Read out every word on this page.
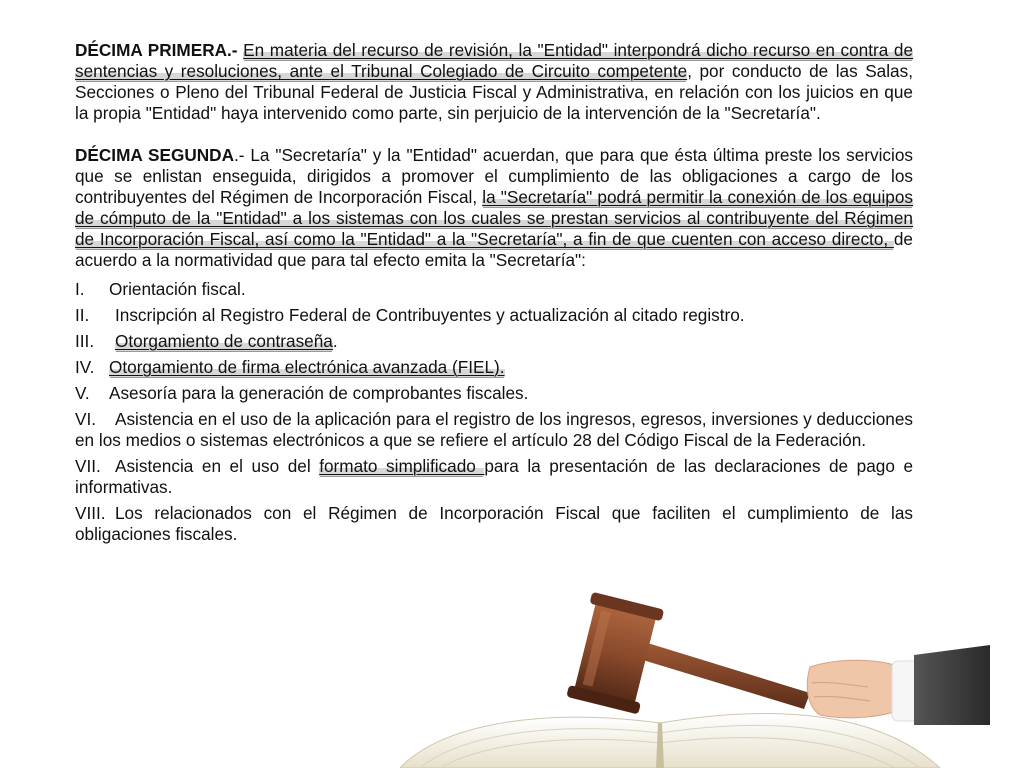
DÉCIMA PRIMERA.- En materia del recurso de revisión, la "Entidad" interpondrá dicho recurso en contra de sentencias y resoluciones, ante el Tribunal Colegiado de Circuito competente, por conducto de las Salas, Secciones o Pleno del Tribunal Federal de Justicia Fiscal y Administrativa, en relación con los juicios en que la propia "Entidad" haya intervenido como parte, sin perjuicio de la intervención de la "Secretaría".

DÉCIMA SEGUNDA.- La "Secretaría" y la "Entidad" acuerdan, que para que ésta última preste los servicios que se enlistan enseguida, dirigidos a promover el cumplimiento de las obligaciones a cargo de los contribuyentes del Régimen de Incorporación Fiscal, la "Secretaría" podrá permitir la conexión de los equipos de cómputo de la "Entidad" a los sistemas con los cuales se prestan servicios al contribuyente del Régimen de Incorporación Fiscal, así como la "Entidad" a la "Secretaría", a fin de que cuenten con acceso directo, de acuerdo a la normatividad que para tal efecto emita la "Secretaría":

I. Orientación fiscal.
II. Inscripción al Registro Federal de Contribuyentes y actualización al citado registro.
III. Otorgamiento de contraseña.
IV. Otorgamiento de firma electrónica avanzada (FIEL).
V. Asesoría para la generación de comprobantes fiscales.
VI. Asistencia en el uso de la aplicación para el registro de los ingresos, egresos, inversiones y deducciones en los medios o sistemas electrónicos a que se refiere el artículo 28 del Código Fiscal de la Federación.
VII. Asistencia en el uso del formato simplificado para la presentación de las declaraciones de pago e informativas.
VIII. Los relacionados con el Régimen de Incorporación Fiscal que faciliten el cumplimiento de las obligaciones fiscales.
